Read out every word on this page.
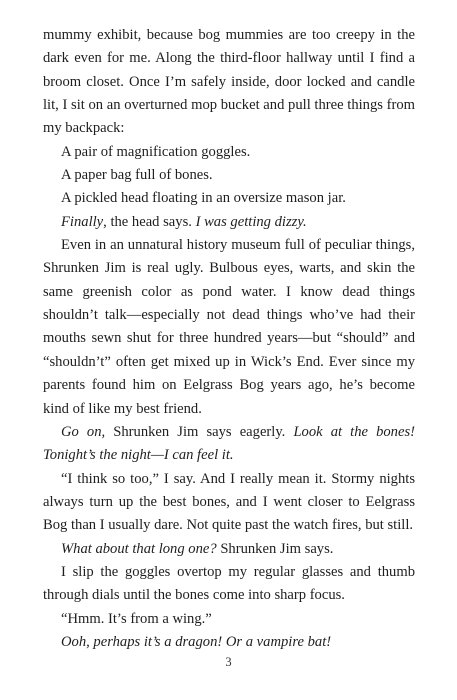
mummy exhibit, because bog mummies are too creepy in the dark even for me. Along the third-floor hallway until I find a broom closet. Once I’m safely inside, door locked and candle lit, I sit on an overturned mop bucket and pull three things from my backpack:

A pair of magnification goggles.

A paper bag full of bones.

A pickled head floating in an oversize mason jar.

Finally, the head says. I was getting dizzy.

Even in an unnatural history museum full of peculiar things, Shrunken Jim is real ugly. Bulbous eyes, warts, and skin the same greenish color as pond water. I know dead things shouldn’t talk—especially not dead things who’ve had their mouths sewn shut for three hundred years—but “should” and “shouldn’t” often get mixed up in Wick’s End. Ever since my parents found him on Eelgrass Bog years ago, he’s become kind of like my best friend.

Go on, Shrunken Jim says eagerly. Look at the bones! Tonight’s the night—I can feel it.

“I think so too,” I say. And I really mean it. Stormy nights always turn up the best bones, and I went closer to Eelgrass Bog than I usually dare. Not quite past the watch fires, but still.

What about that long one? Shrunken Jim says.

I slip the goggles overtop my regular glasses and thumb through dials until the bones come into sharp focus.

“Hmm. It’s from a wing.”

Ooh, perhaps it’s a dragon! Or a vampire bat!

3
